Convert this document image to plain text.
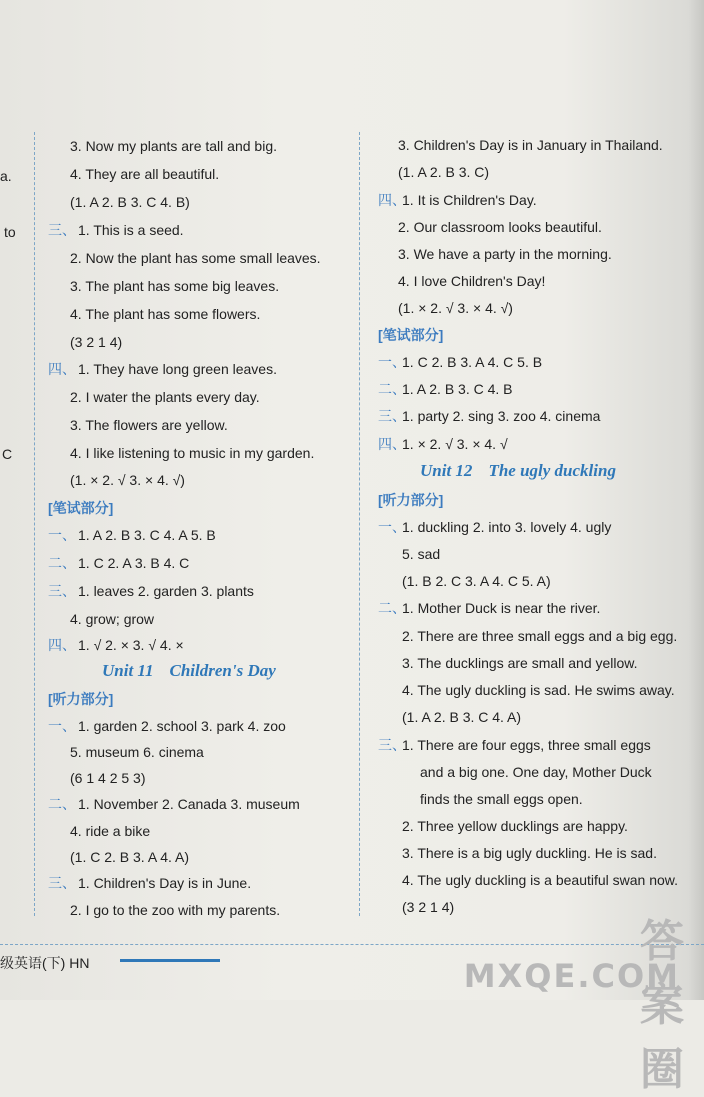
a.
to
C
3. Now my plants are tall and big.
4. They are all beautiful.
(1. A 2. B 3. C 4. B)
三、 1. This is a seed.
2. Now the plant has some small leaves.
3. The plant has some big leaves.
4. The plant has some flowers.
(3 2 1 4)
四、 1. They have long green leaves.
2. I water the plants every day.
3. The flowers are yellow.
4. I like listening to music in my garden.
(1. × 2. √ 3. × 4. √)
[笔试部分]
一、 1. A 2. B 3. C 4. A 5. B
二、 1. C 2. A 3. B 4. C
三、 1. leaves 2. garden 3. plants
4. grow; grow
四、 1. √ 2. × 3. √ 4. ×
Unit 11 Children's Day
[听力部分]
一、 1. garden 2. school 3. park 4. zoo
5. museum 6. cinema
(6 1 4 2 5 3)
二、 1. November 2. Canada 3. museum
4. ride a bike
(1. C 2. B 3. A 4. A)
三、 1. Children's Day is in June.
2. I go to the zoo with my parents.
3. Children's Day is in January in Thailand.
(1. A 2. B 3. C)
四、
1. It is Children's Day.
2. Our classroom looks beautiful.
3. We have a party in the morning.
4. I love Children's Day!
(1. × 2. √ 3. × 4. √)
[笔试部分]
一、
1. C 2. B 3. A 4. C 5. B
二、
1. A 2. B 3. C 4. B
三、
1. party 2. sing 3. zoo 4. cinema
四、
1. × 2. √ 3. × 4. √
Unit 12 The ugly duckling
[听力部分]
一、
1. duckling 2. into 3. lovely 4. ugly
5. sad
(1. B 2. C 3. A 4. C 5. A)
二、
1. Mother Duck is near the river.
2. There are three small eggs and a big egg.
3. The ducklings are small and yellow.
4. The ugly duckling is sad. He swims away.
(1. A 2. B 3. C 4. A)
三、
1. There are four eggs, three small eggs
and a big one. One day, Mother Duck
finds the small eggs open.
2. Three yellow ducklings are happy.
3. There is a big ugly duckling. He is sad.
4. The ugly duckling is a beautiful swan now.
(3 2 1 4)
级英语(下) HN	答案圈
MXQE.COM
